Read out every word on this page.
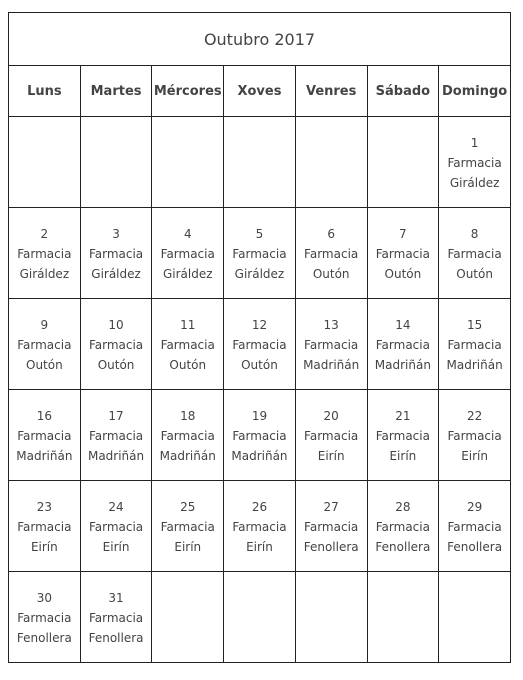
Outubro 2017						
Luns	Martes	Mércores	Xoves	Venres	Sábado	Domingo

						1
Farmacia
Giráldez

2
Farmacia
Giráldez	3
Farmacia
Giráldez	4
Farmacia
Giráldez	5
Farmacia
Giráldez	6
Farmacia
Outón	7
Farmacia
Outón	8
Farmacia
Outón

9
Farmacia
Outón	10
Farmacia
Outón	11
Farmacia
Outón	12
Farmacia
Outón	13
Farmacia
Madriñán	14
Farmacia
Madriñán	15
Farmacia
Madriñán

16
Farmacia
Madriñán	17
Farmacia
Madriñán	18
Farmacia
Madriñán	19
Farmacia
Madriñán	20
Farmacia
Eirín	21
Farmacia
Eirín	22
Farmacia
Eirín

23
Farmacia
Eirín	24
Farmacia
Eirín	25
Farmacia
Eirín	26
Farmacia
Eirín	27
Farmacia
Fenollera	28
Farmacia
Fenollera	29
Farmacia
Fenollera

30
Farmacia
Fenollera	31
Farmacia
Fenollera					
